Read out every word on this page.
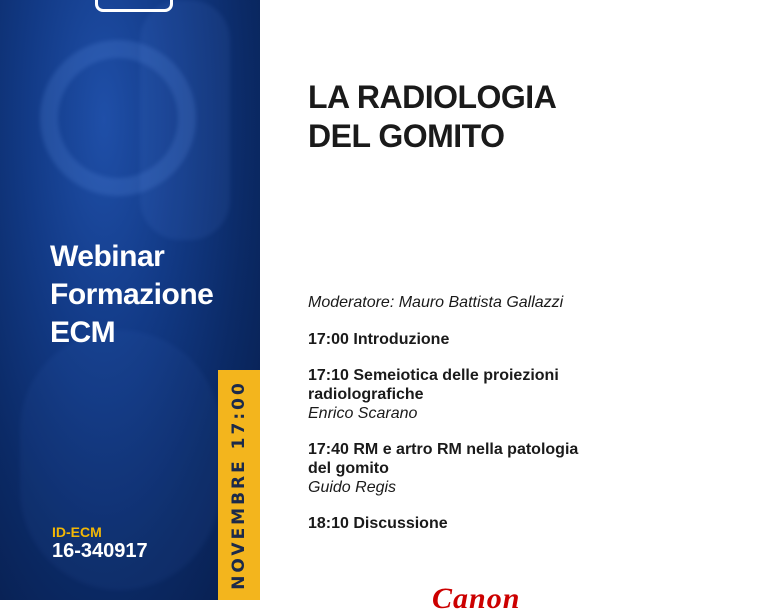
Webinar
Formazione
ECM
ID-ECM
16-340917	NOVEMBRE 17:00
LA RADIOLOGIA
DEL GOMITO
Moderatore: Mauro Battista Gallazzi
17:00 Introduzione
17:10 Semeiotica delle proiezioni
radiolografiche
Enrico Scarano
17:40 RM e artro RM nella patologia
del gomito
Guido Regis
18:10 Discussione
Canon
